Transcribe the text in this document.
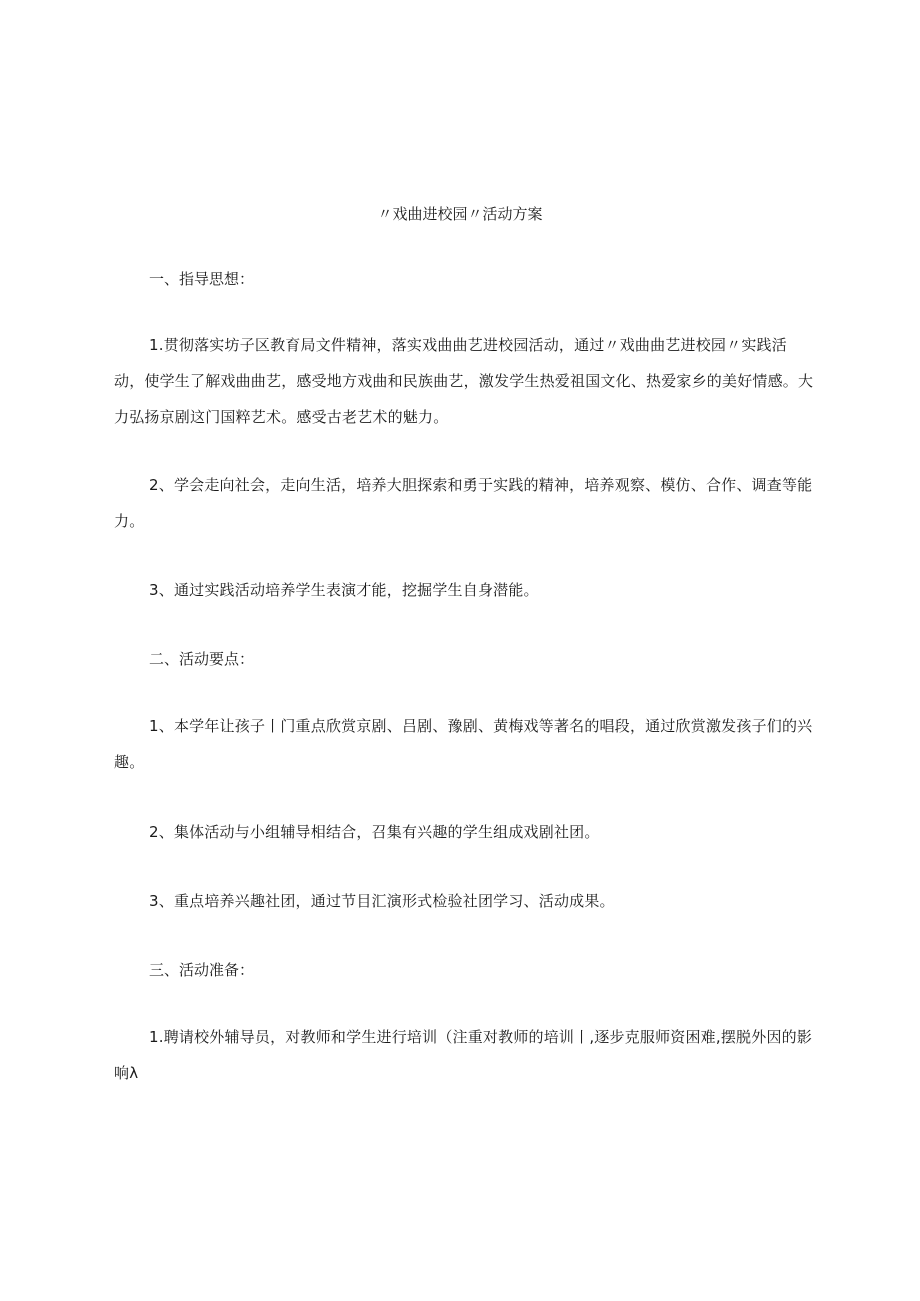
〃戏曲进校园〃活动方案
一、指导思想：
1.贯彻落实坊子区教育局文件精神，落实戏曲曲艺进校园活动，通过〃戏曲曲艺进校园〃实践活动，使学生了解戏曲曲艺，感受地方戏曲和民族曲艺，激发学生热爱祖国文化、热爱家乡的美好情感。大力弘扬京剧这门国粹艺术。感受古老艺术的魅力。
2、学会走向社会，走向生活，培养大胆探索和勇于实践的精神，培养观察、模仿、合作、调查等能力。
3、通过实践活动培养学生表演才能，挖掘学生自身潜能。
二、活动要点：
1、本学年让孩子丨门重点欣赏京剧、吕剧、豫剧、黄梅戏等著名的唱段，通过欣赏激发孩子们的兴趣。
2、集体活动与小组辅导相结合，召集有兴趣的学生组成戏剧社团。
3、重点培养兴趣社团，通过节目汇演形式检验社团学习、活动成果。
三、活动准备：
1.聘请校外辅导员，对教师和学生进行培训（注重对教师的培训丨,逐步克服师资困难,摆脱外因的影响λ
